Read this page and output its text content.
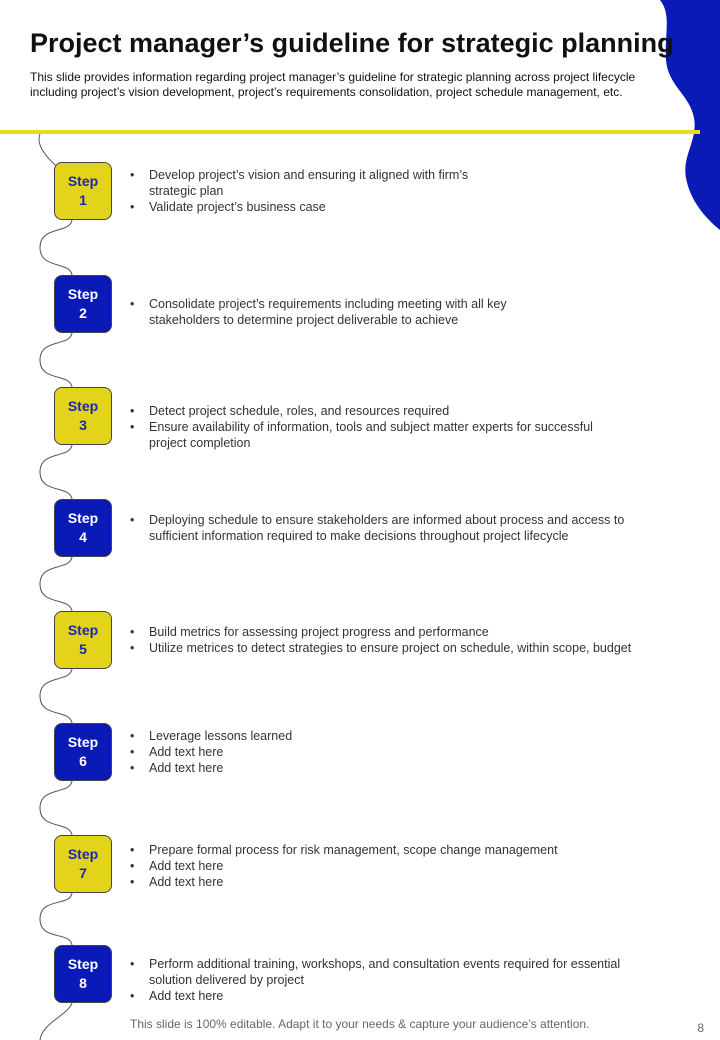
Project manager’s guideline for strategic planning

This slide provides information regarding project manager’s guideline for strategic planning across project lifecycle
including project’s vision development, project’s requirements consolidation, project schedule management, etc.

Step
1
• Develop project’s vision and ensuring it aligned with firm’s
strategic plan
• Validate project’s business case
Step
2
• Consolidate project’s requirements including meeting with all key
stakeholders to determine project deliverable to achieve
Step
3
• Detect project schedule, roles, and resources required
• Ensure availability of information, tools and subject matter experts for successful
project completion
Step
4
• Deploying schedule to ensure stakeholders are informed about process and access to
sufficient information required to make decisions throughout project lifecycle
Step
5
• Build metrics for assessing project progress and performance
• Utilize metrices to detect strategies to ensure project on schedule, within scope, budget
Step
6
• Leverage lessons learned
• Add text here
• Add text here
Step
7
• Prepare formal process for risk management, scope change management
• Add text here
• Add text here
Step
8
• Perform additional training, workshops, and consultation events required for essential
solution delivered by project
• Add text here
This slide is 100% editable. Adapt it to your needs & capture your audience’s attention.	8
